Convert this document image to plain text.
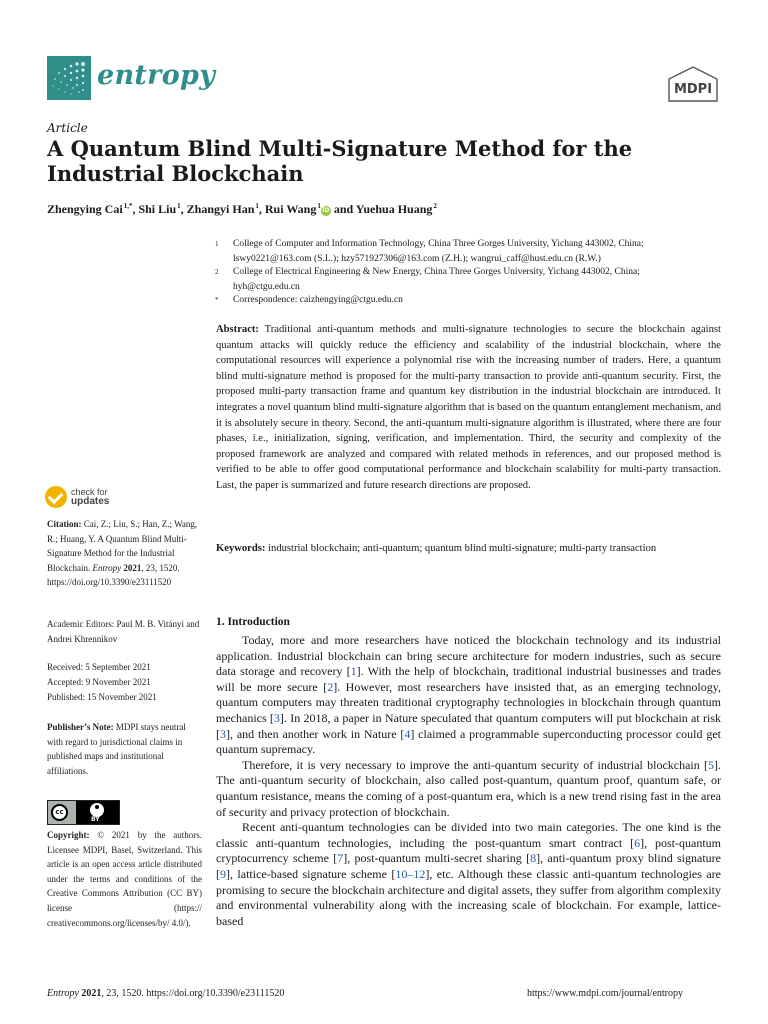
entropy	MDPI
Article
A Quantum Blind Multi-Signature Method for the Industrial Blockchain
Zhengying Cai $^{1,*}$, Shi Liu $^1$, Zhangyi Han $^1$, Rui Wang $^1$iD and Yuehua Huang $^2$
1 College of Computer and Information Technology, China Three Gorges University, Yichang 443002, China;
lswy0221@163.com (S.L.); hzy571927306@163.com (Z.H.); wangrui_caff@hust.edu.cn (R.W.)
2 College of Electrical Engineering & New Energy, China Three Gorges University, Yichang 443002, China;
hyh@ctgu.edu.cn
* Correspondence: caizhengying@ctgu.edu.cn

Abstract: Traditional anti-quantum methods and multi-signature technologies to secure the blockchain against quantum attacks will quickly reduce the efficiency and scalability of the industrial blockchain, where the computational resources will experience a polynomial rise with the increasing number of traders. Here, a quantum blind multi-signature method is proposed for the multi-party transaction to provide anti-quantum security. First, the proposed multi-party transaction frame and quantum key distribution in the industrial blockchain are introduced. It integrates a novel quantum blind multi-signature algorithm that is based on the quantum entanglement mechanism, and it is absolutely secure in theory. Second, the anti-quantum multi-signature algorithm is illustrated, where there are four phases, i.e., initialization, signing, verification, and implementation. Third, the security and complexity of the proposed framework are analyzed and compared with related methods in references, and our proposed method is verified to be able to offer good computational performance and blockchain scalability for multi-party transaction. Last, the paper is summarized and future research directions are proposed.

Keywords: industrial blockchain; anti-quantum; quantum blind multi-signature; multi-party transaction

check for
updates
Citation: Cai, Z.; Liu, S.; Han, Z.; Wang, R.; Huang, Y. A Quantum Blind Multi-Signature Method for the Industrial Blockchain. Entropy 2021, 23, 1520. https://doi.org/10.3390/e23111520
Academic Editors: Paul M. B. Vitányi and Andrei Khrennikov
Received: 5 September 2021
Accepted: 9 November 2021
Published: 15 November 2021
Publisher’s Note: MDPI stays neutral with regard to jurisdictional claims in published maps and institutional affiliations.
cc
BY
Copyright: © 2021 by the authors. Licensee MDPI, Basel, Switzerland. This article is an open access article distributed under the terms and conditions of the Creative Commons Attribution (CC BY) license (https:// creativecommons.org/licenses/by/ 4.0/).
1. Introduction

Today, more and more researchers have noticed the blockchain technology and its industrial application. Industrial blockchain can bring secure architecture for modern industries, such as secure data storage and recovery [1]. With the help of blockchain, traditional industrial businesses and trades will be more secure [2]. However, most researchers have insisted that, as an emerging technology, quantum computers may threaten traditional cryptography technologies in blockchain through quantum mechanics [3]. In 2018, a paper in Nature speculated that quantum computers will put blockchain at risk [3], and then another work in Nature [4] claimed a programmable superconducting processor could get quantum supremacy.

Therefore, it is very necessary to improve the anti-quantum security of industrial blockchain [5]. The anti-quantum security of blockchain, also called post-quantum, quantum proof, quantum safe, or quantum resistance, means the coming of a post-quantum era, which is a new trend rising fast in the area of security and privacy protection of blockchain.

Recent anti-quantum technologies can be divided into two main categories. The one kind is the classic anti-quantum technologies, including the post-quantum smart contract [6], post-quantum cryptocurrency scheme [7], post-quantum multi-secret sharing [8], anti-quantum proxy blind signature [9], lattice-based signature scheme [10–12], etc. Although these classic anti-quantum technologies are promising to secure the blockchain architecture and digital assets, they suffer from algorithm complexity and environmental vulnerability along with the increasing scale of blockchain. For example, lattice-based

Entropy 2021, 23, 1520. https://doi.org/10.3390/e23111520	https://www.mdpi.com/journal/entropy
